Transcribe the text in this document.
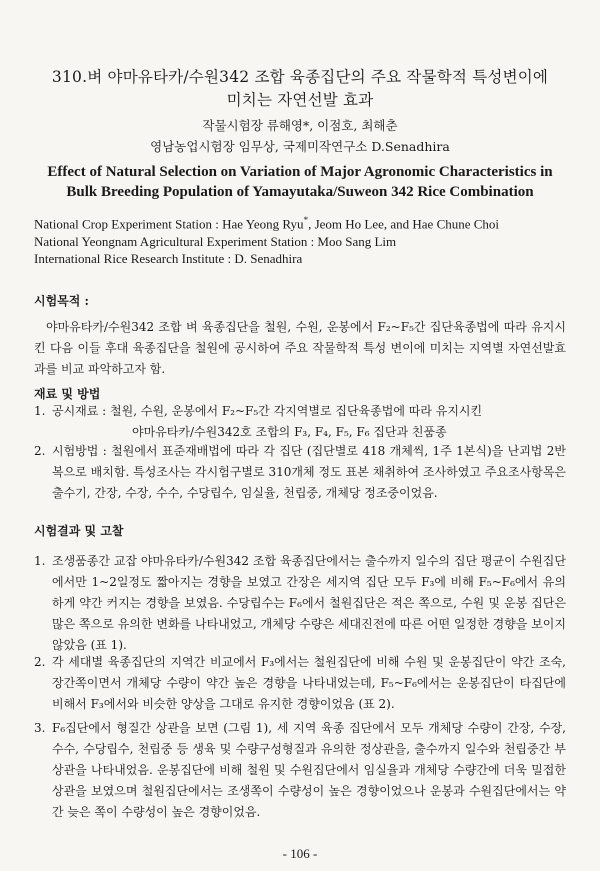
310.벼 야마유타카/수원342 조합 육종집단의 주요 작물학적 특성변이에
미치는 자연선발 효과
작물시험장 류해영*, 이점호, 최해춘
영남농업시험장 임무상, 국제미작연구소 D.Senadhira
Effect of Natural Selection on Variation of Major Agronomic Characteristics in
Bulk Breeding Population of Yamayutaka/Suweon 342 Rice Combination
National Crop Experiment Station : Hae Yeong Ryu*, Jeom Ho Lee, and Hae Chune Choi
National Yeongnam Agricultural Experiment Station : Moo Sang Lim
International Rice Research Institute : D. Senadhira
시험목적 :
야마유타카/수원342 조합 벼 육종집단을 철원, 수원, 운봉에서 F₂~F₅간 집단육종법에 따라 유지시킨 다음 이들 후대 육종집단을 철원에 공시하여 주요 작물학적 특성 변이에 미치는 지역별 자연선발효과를 비교 파악하고자 함.
재료 및 방법
1. 공시재료 : 철원, 수원, 운봉에서 F₂~F₅간 각지역별로 집단육종법에 따라 유지시킨
야마유타카/수원342호 조합의 F₃, F₄, F₅, F₆ 집단과 친품종
2. 시험방법 : 철원에서 표준재배법에 따라 각 집단 (집단별로 418 개체씩, 1주 1본식)을 난괴법 2반복으로 배치함. 특성조사는 각시험구별로 310개체 정도 표본 채취하여 조사하였고 주요조사항목은 출수기, 간장, 수장, 수수, 수당립수, 임실율, 천립중, 개체당 정조중이었음.
시험결과 및 고찰
1. 조생품종간 교잡 야마유타카/수원342 조합 육종집단에서는 출수까지 일수의 집단 평균이 수원집단에서만 1~2일정도 짧아지는 경향을 보였고 간장은 세지역 집단 모두 F₃에 비해 F₅~F₆에서 유의하게 약간 커지는 경향을 보였음. 수당립수는 F₆에서 철원집단은 적은 쪽으로, 수원 및 운봉 집단은 많은 쪽으로 유의한 변화를 나타내었고, 개체당 수량은 세대진전에 따른 어떤 일정한 경향을 보이지 않았음 (표 1).
2. 각 세대별 육종집단의 지역간 비교에서 F₃에서는 철원집단에 비해 수원 및 운봉집단이 약간 조숙, 장간쪽이면서 개체당 수량이 약간 높은 경향을 나타내었는데, F₅~F₆에서는 운봉집단이 타집단에 비해서 F₃에서와 비슷한 양상을 그대로 유지한 경향이었음 (표 2).
3. F₆집단에서 형질간 상관을 보면 (그림 1), 세 지역 육종 집단에서 모두 개체당 수량이 간장, 수장, 수수, 수당립수, 천립중 등 생육 및 수량구성형질과 유의한 정상관을, 출수까지 일수와 천립중간 부상관을 나타내었음. 운봉집단에 비해 철원 및 수원집단에서 임실율과 개체당 수량간에 더욱 밀접한 상관을 보였으며 철원집단에서는 조생쪽이 수량성이 높은 경향이었으나 운봉과 수원집단에서는 약간 늦은 쪽이 수량성이 높은 경향이었음.
- 106 -
